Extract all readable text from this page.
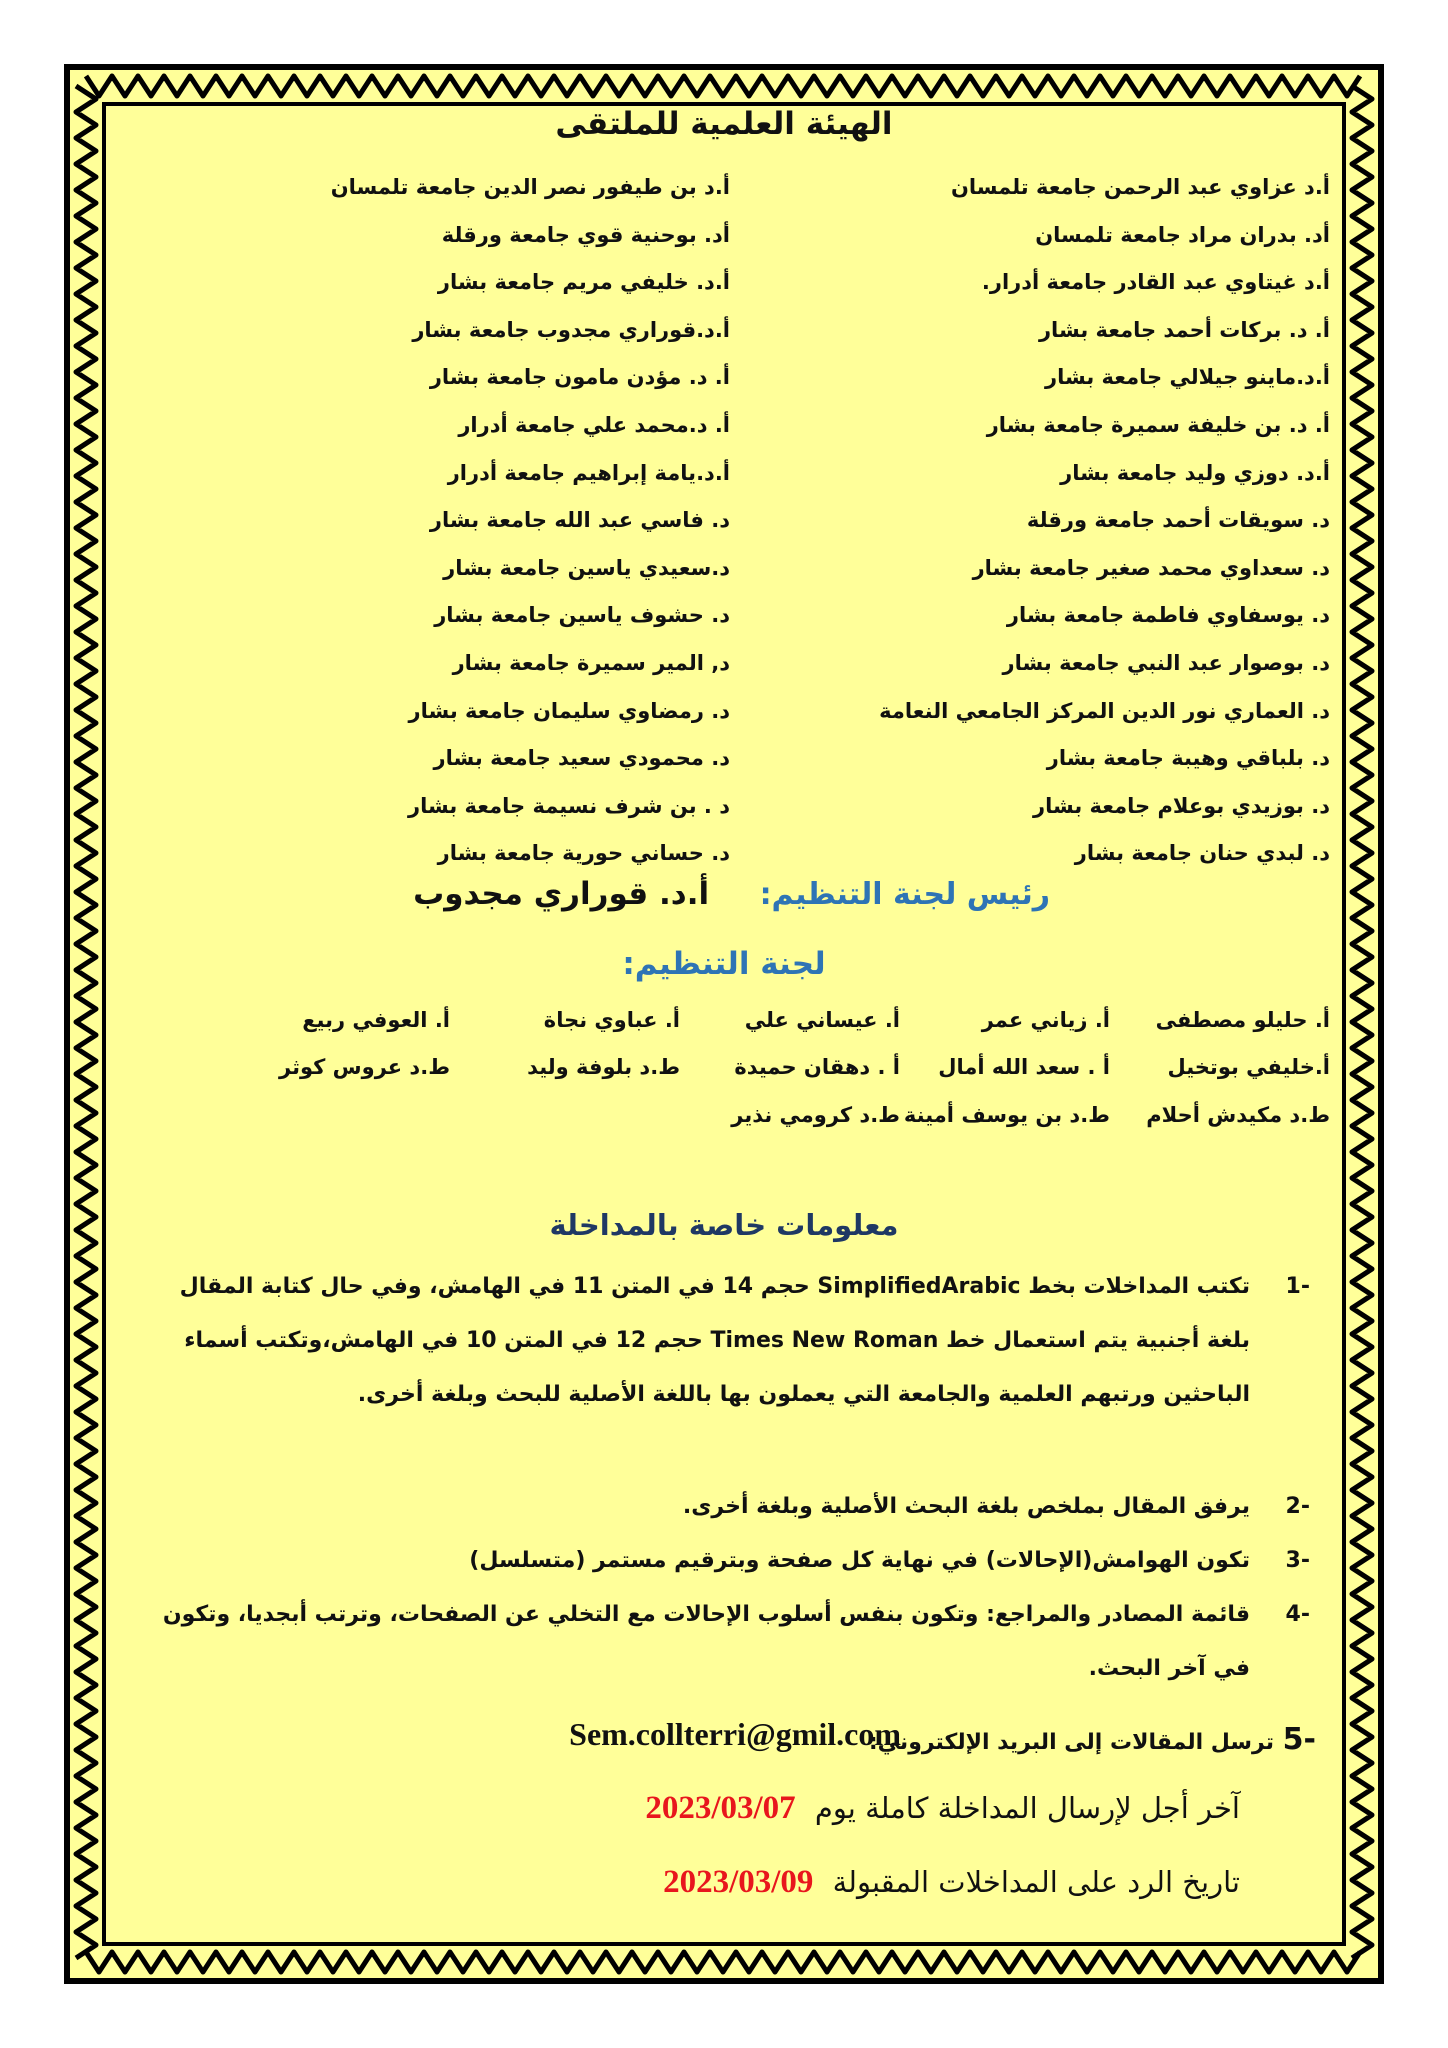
الهيئة العلمية للملتقى
أ.د عزاوي عبد الرحمن جامعة تلمسان
أد. بدران مراد جامعة تلمسان
أ.د غيتاوي عبد القادر جامعة أدرار.
أ. د. بركات أحمد جامعة بشار
أ.د.ماينو جيلالي جامعة بشار
أ. د. بن خليفة سميرة جامعة بشار
أ.د. دوزي وليد جامعة بشار
د. سويقات أحمد جامعة ورقلة
د. سعداوي محمد صغير جامعة بشار
د. يوسفاوي فاطمة جامعة بشار
د. بوصوار عبد النبي جامعة بشار
د. العماري نور الدين المركز الجامعي النعامة
د. بلباقي وهيبة جامعة بشار
د. بوزيدي بوعلام جامعة بشار
د. لبدي حنان جامعة بشار
أ.د بن طيفور نصر الدين جامعة تلمسان
أد. بوحنية قوي جامعة ورقلة
أ.د. خليفي مريم جامعة بشار
أ.د.قوراري مجدوب جامعة بشار
أ. د. مؤدن مامون جامعة بشار
أ. د.محمد علي جامعة أدرار
أ.د.يامة إبراهيم جامعة أدرار
د. فاسي عبد الله جامعة بشار
د.سعيدي ياسين جامعة بشار
د. حشوف ياسين جامعة بشار
د, المير سميرة جامعة بشار
د. رمضاوي سليمان جامعة بشار
د. محمودي سعيد جامعة بشار
د . بن شرف نسيمة جامعة بشار
د. حساني حورية جامعة بشار
رئيس لجنة التنظيم: أ.د. قوراري مجدوب
لجنة التنظيم:
أ. حليلو مصطفى
أ. زياني عمر
أ. عيساني علي
أ. عباوي نجاة
أ. العوفي ربيع
أ.خليفي بوتخيل
أ . سعد الله أمال
أ . دهقان حميدة
ط.د بلوفة وليد
ط.د عروس كوثر
ط.د مكيدش أحلام
ط.د بن يوسف أمينة
ط.د كرومي نذير
معلومات خاصة بالمداخلة
-1
تكتب المداخلات بخط SimplifiedArabic حجم 14 في المتن 11 في الهامش، وفي حال كتابة المقال بلغة أجنبية يتم استعمال خط Times New Roman حجم 12 في المتن 10 في الهامش،وتكتب أسماء الباحثين ورتبهم العلمية والجامعة التي يعملون بها باللغة الأصلية للبحث وبلغة أخرى.
-2
يرفق المقال بملخص بلغة البحث الأصلية وبلغة أخرى.
-3
تكون الهوامش(الإحالات) في نهاية كل صفحة وبترقيم مستمر (متسلسل)
-4
قائمة المصادر والمراجع: وتكون بنفس أسلوب الإحالات مع التخلي عن الصفحات، وترتب أبجديا، وتكون في آخر البحث.
-5
ترسل المقالات إلى البريد الإلكتروني:
Sem.collterri@gmil.com
آخر أجل لإرسال المداخلة كاملة يوم 2023/03/07
تاريخ الرد على المداخلات المقبولة 2023/03/09
